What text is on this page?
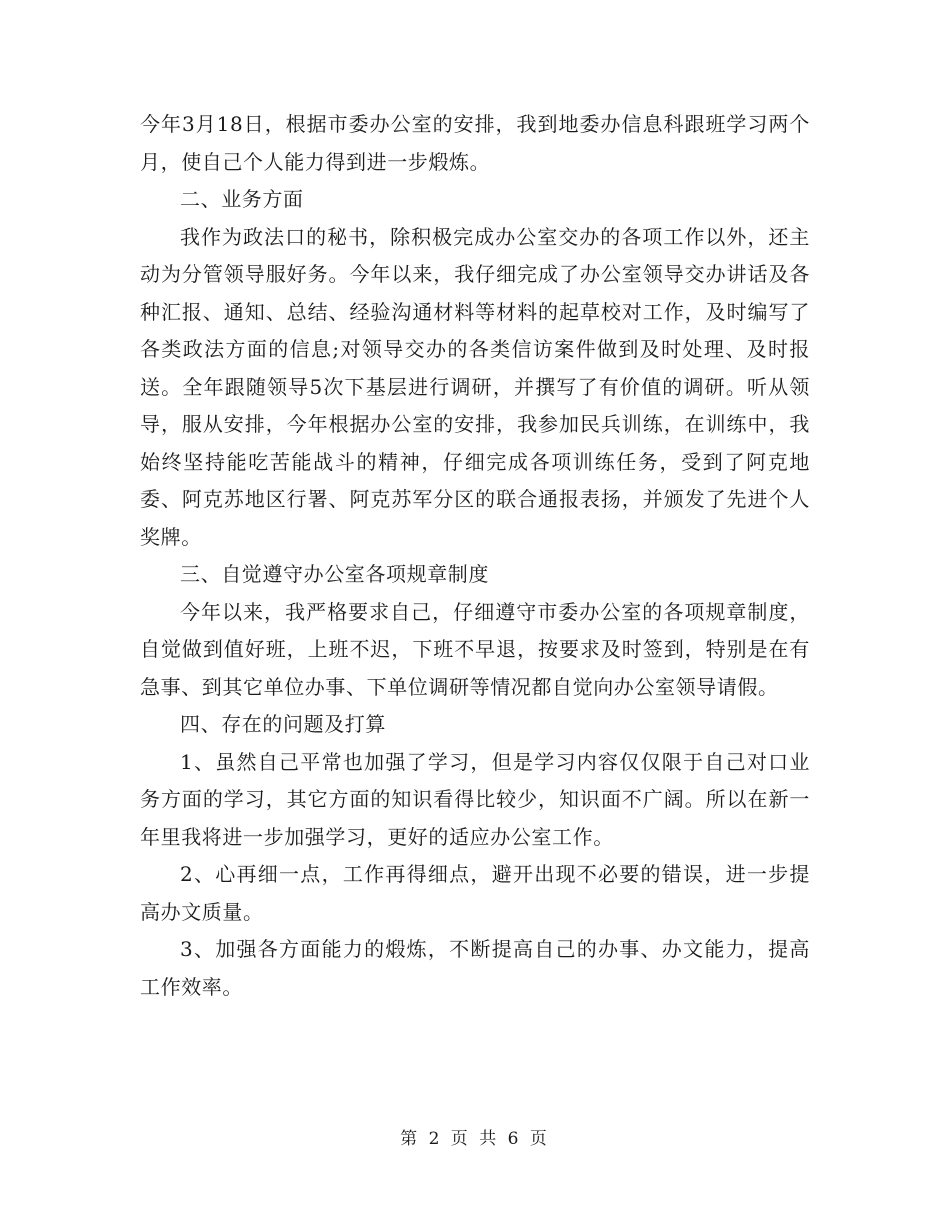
今年3月18日，根据市委办公室的安排，我到地委办信息科跟班学习两个月，使自己个人能力得到进一步煅炼。

二、业务方面

我作为政法口的秘书，除积极完成办公室交办的各项工作以外，还主动为分管领导服好务。今年以来，我仔细完成了办公室领导交办讲话及各种汇报、通知、总结、经验沟通材料等材料的起草校对工作，及时编写了各类政法方面的信息;对领导交办的各类信访案件做到及时处理、及时报送。全年跟随领导5次下基层进行调研，并撰写了有价值的调研。听从领导，服从安排，今年根据办公室的安排，我参加民兵训练，在训练中，我始终坚持能吃苦能战斗的精神，仔细完成各项训练任务，受到了阿克地委、阿克苏地区行署、阿克苏军分区的联合通报表扬，并颁发了先进个人奖牌。

三、自觉遵守办公室各项规章制度

今年以来，我严格要求自己，仔细遵守市委办公室的各项规章制度，自觉做到值好班，上班不迟，下班不早退，按要求及时签到，特别是在有急事、到其它单位办事、下单位调研等情况都自觉向办公室领导请假。

四、存在的问题及打算

1、虽然自己平常也加强了学习，但是学习内容仅仅限于自己对口业务方面的学习，其它方面的知识看得比较少，知识面不广阔。所以在新一年里我将进一步加强学习，更好的适应办公室工作。

2、心再细一点，工作再得细点，避开出现不必要的错误，进一步提高办文质量。

3、加强各方面能力的煅炼，不断提高自己的办事、办文能力，提高工作效率。

第 2 页 共 6 页
